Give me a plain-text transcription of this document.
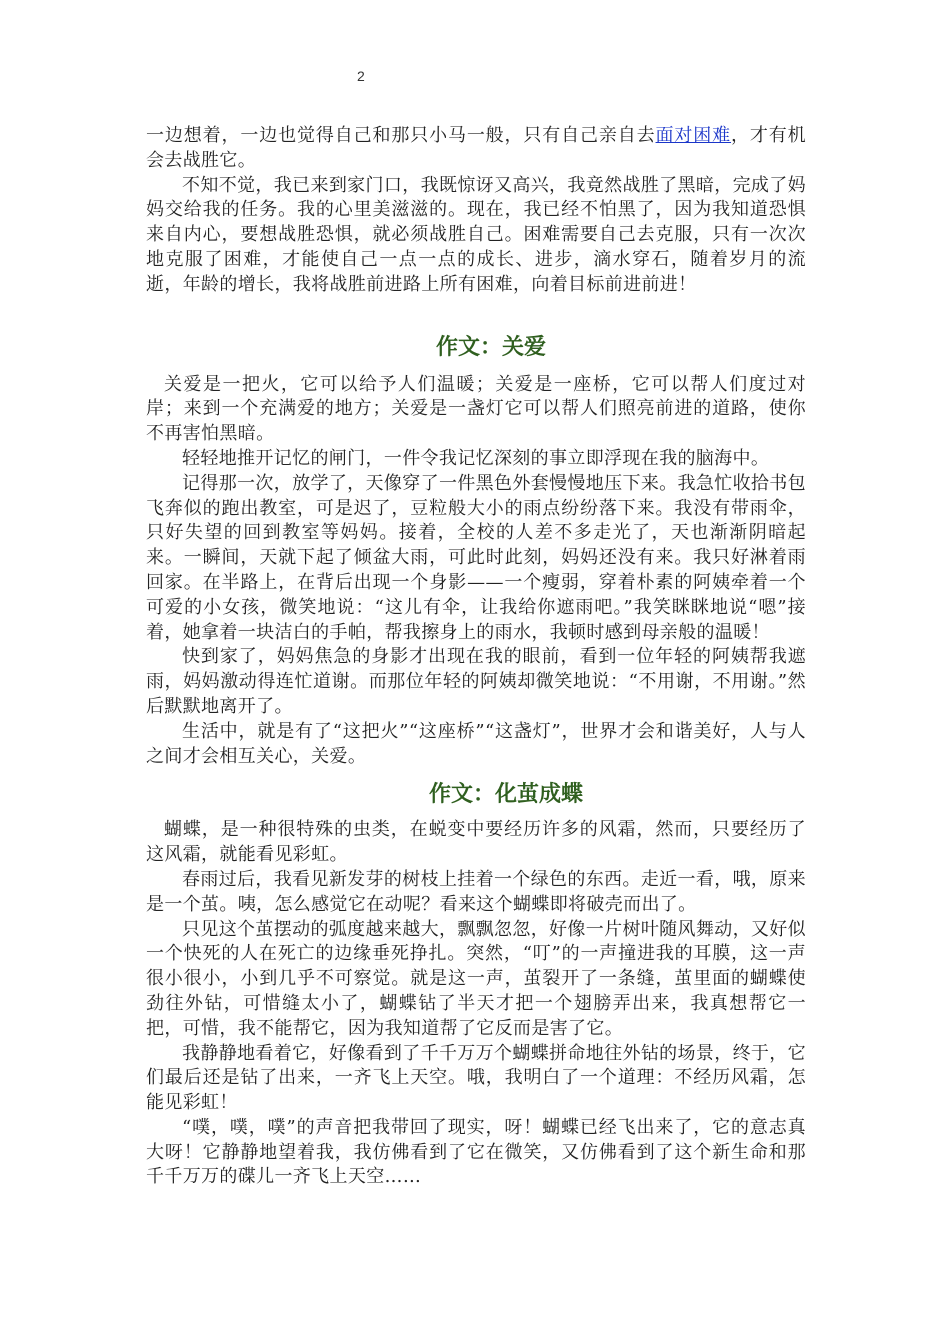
2

一边想着，一边也觉得自己和那只小马一般，只有自己亲自去面对困难，才有机会去战胜它。

不知不觉，我已来到家门口，我既惊讶又高兴，我竟然战胜了黑暗，完成了妈妈交给我的任务。我的心里美滋滋的。现在，我已经不怕黑了，因为我知道恐惧来自内心，要想战胜恐惧，就必须战胜自己。困难需要自己去克服，只有一次次地克服了困难，才能使自己一点一点的成长、进步，滴水穿石，随着岁月的流逝，年龄的增长，我将战胜前进路上所有困难，向着目标前进前进！

作文：关爱

关爱是一把火，它可以给予人们温暖；关爱是一座桥，它可以帮人们度过对岸；来到一个充满爱的地方；关爱是一盏灯它可以帮人们照亮前进的道路，使你不再害怕黑暗。

轻轻地推开记忆的闸门，一件令我记忆深刻的事立即浮现在我的脑海中。

记得那一次，放学了，天像穿了一件黑色外套慢慢地压下来。我急忙收拾书包飞奔似的跑出教室，可是迟了，豆粒般大小的雨点纷纷落下来。我没有带雨伞，只好失望的回到教室等妈妈。接着，全校的人差不多走光了，天也渐渐阴暗起来。一瞬间，天就下起了倾盆大雨，可此时此刻，妈妈还没有来。我只好淋着雨回家。在半路上，在背后出现一个身影——一个瘦弱，穿着朴素的阿姨牵着一个可爱的小女孩，微笑地说：“这儿有伞，让我给你遮雨吧。”我笑眯眯地说“嗯”接着，她拿着一块洁白的手帕，帮我擦身上的雨水，我顿时感到母亲般的温暖！

快到家了，妈妈焦急的身影才出现在我的眼前，看到一位年轻的阿姨帮我遮雨，妈妈激动得连忙道谢。而那位年轻的阿姨却微笑地说：“不用谢，不用谢。”然后默默地离开了。

生活中，就是有了“这把火”“这座桥”“这盏灯”，世界才会和谐美好，人与人之间才会相互关心，关爱。

作文：化茧成蝶

蝴蝶，是一种很特殊的虫类，在蜕变中要经历许多的风霜，然而，只要经历了这风霜，就能看见彩虹。

春雨过后，我看见新发芽的树枝上挂着一个绿色的东西。走近一看，哦，原来是一个茧。咦，怎么感觉它在动呢？看来这个蝴蝶即将破壳而出了。

只见这个茧摆动的弧度越来越大，飘飘忽忽，好像一片树叶随风舞动，又好似一个快死的人在死亡的边缘垂死挣扎。突然，“叮”的一声撞进我的耳膜，这一声很小很小，小到几乎不可察觉。就是这一声，茧裂开了一条缝，茧里面的蝴蝶使劲往外钻，可惜缝太小了，蝴蝶钻了半天才把一个翅膀弄出来，我真想帮它一把，可惜，我不能帮它，因为我知道帮了它反而是害了它。

我静静地看着它，好像看到了千千万万个蝴蝶拼命地往外钻的场景，终于，它们最后还是钻了出来，一齐飞上天空。哦，我明白了一个道理：不经历风霜，怎能见彩虹！

“噗，噗，噗”的声音把我带回了现实，呀！蝴蝶已经飞出来了，它的意志真大呀！它静静地望着我，我仿佛看到了它在微笑，又仿佛看到了这个新生命和那千千万万的碟儿一齐飞上天空……
